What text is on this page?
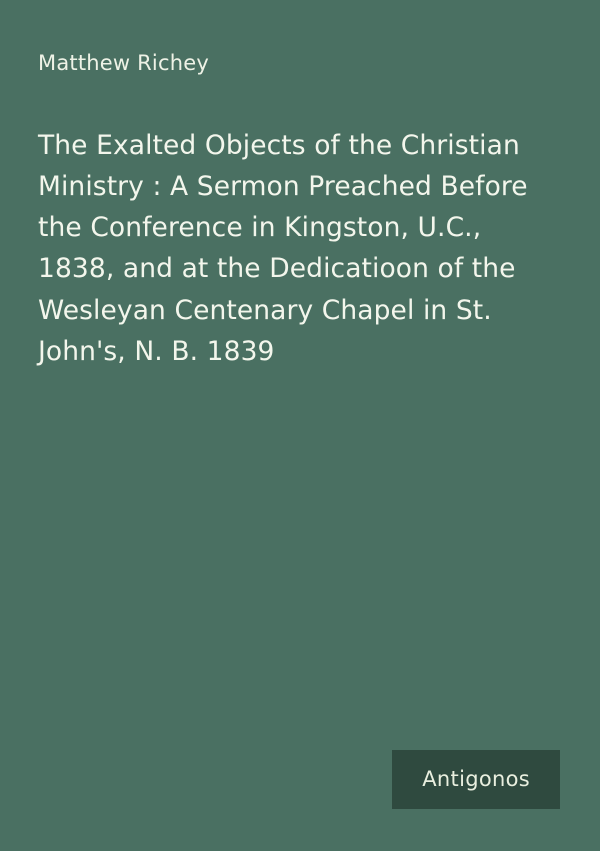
Matthew Richey
The Exalted Objects of the Christian Ministry : A Sermon Preached Before the Conference in Kingston, U.C., 1838, and at the Dedicatioon of the Wesleyan Centenary Chapel in St. John's, N. B. 1839
Antigonos
